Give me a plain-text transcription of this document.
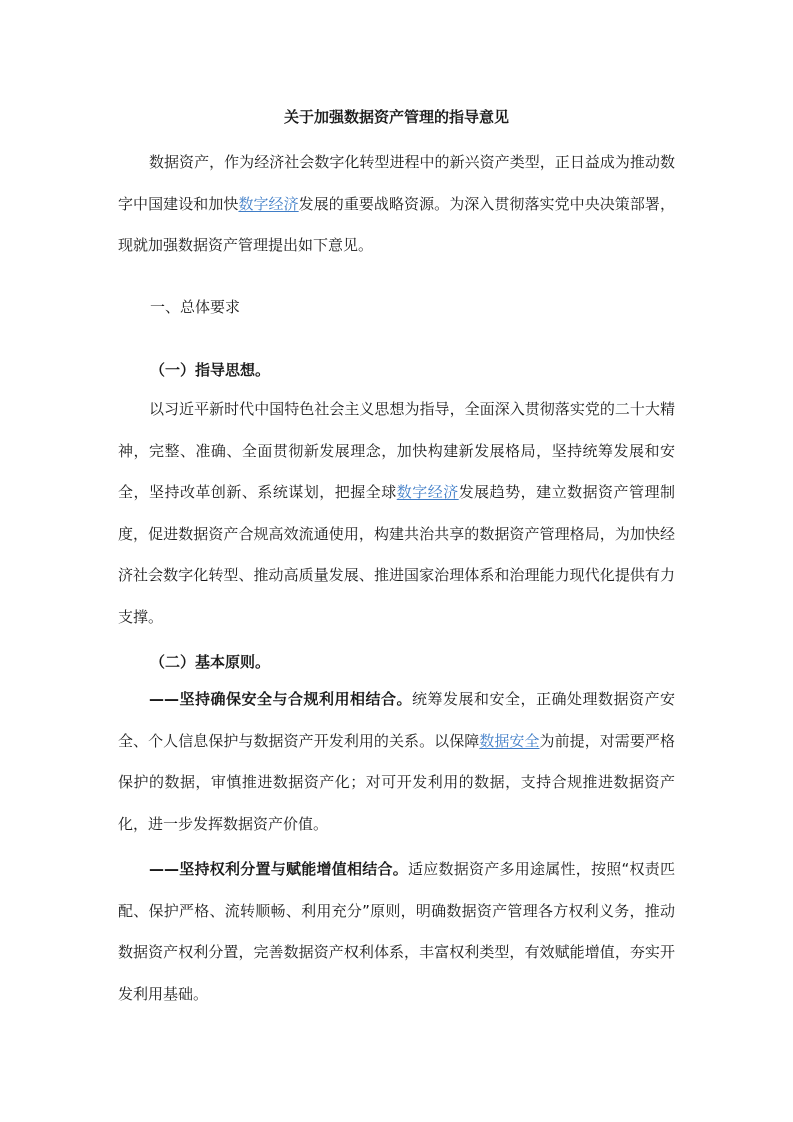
关于加强数据资产管理的指导意见

数据资产，作为经济社会数字化转型进程中的新兴资产类型，正日益成为推动数字中国建设和加快数字经济发展的重要战略资源。为深入贯彻落实党中央决策部署，现就加强数据资产管理提出如下意见。

一、总体要求
（一）指导思想。

以习近平新时代中国特色社会主义思想为指导，全面深入贯彻落实党的二十大精神，完整、准确、全面贯彻新发展理念，加快构建新发展格局，坚持统筹发展和安全，坚持改革创新、系统谋划，把握全球数字经济发展趋势，建立数据资产管理制度，促进数据资产合规高效流通使用，构建共治共享的数据资产管理格局，为加快经济社会数字化转型、推动高质量发展、推进国家治理体系和治理能力现代化提供有力支撑。

（二）基本原则。

——坚持确保安全与合规利用相结合。统筹发展和安全，正确处理数据资产安全、个人信息保护与数据资产开发利用的关系。以保障数据安全为前提，对需要严格保护的数据，审慎推进数据资产化；对可开发利用的数据，支持合规推进数据资产化，进一步发挥数据资产价值。

——坚持权利分置与赋能增值相结合。适应数据资产多用途属性，按照“权责匹配、保护严格、流转顺畅、利用充分”原则，明确数据资产管理各方权利义务，推动数据资产权利分置，完善数据资产权利体系，丰富权利类型，有效赋能增值，夯实开发利用基础。
